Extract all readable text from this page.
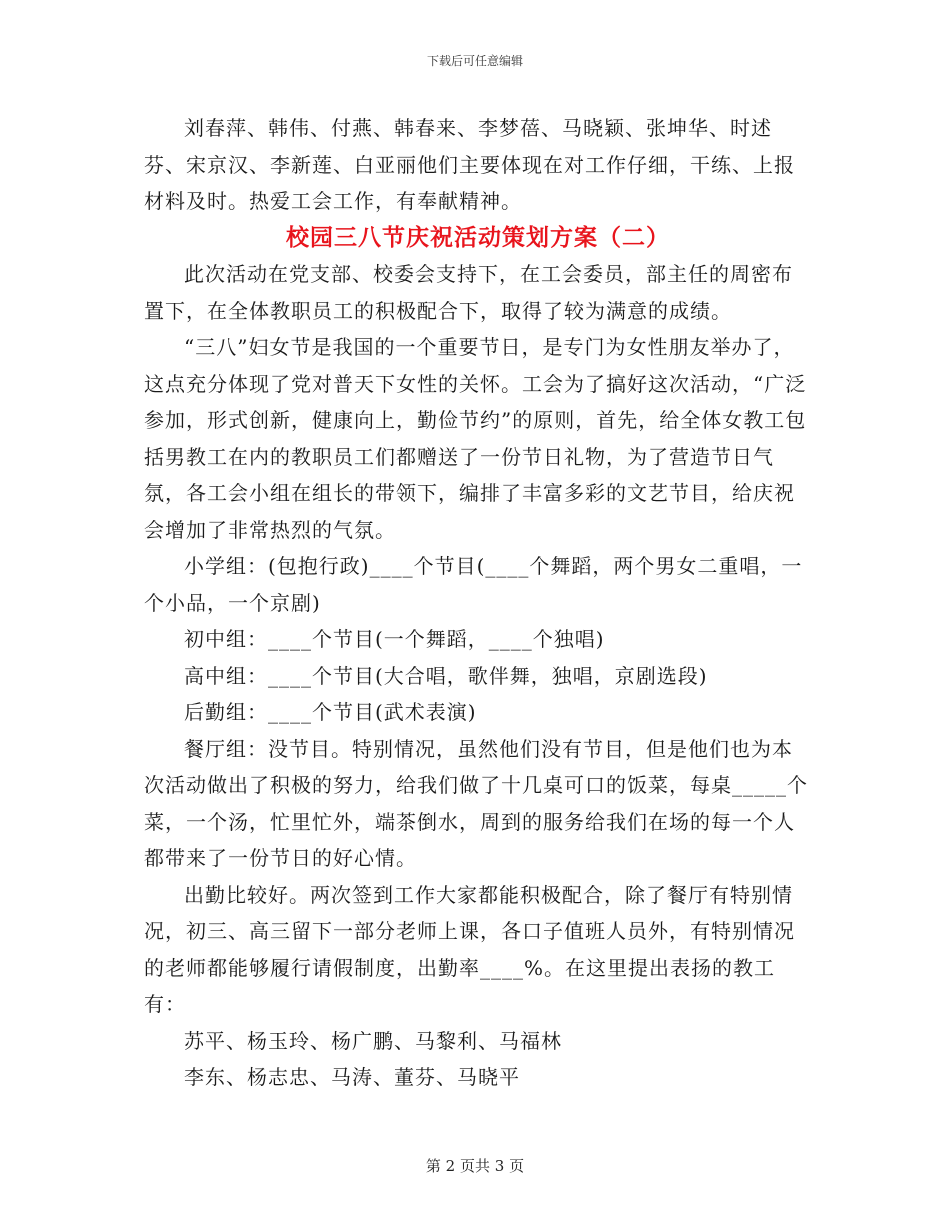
下载后可任意编辑

刘春萍、韩伟、付燕、韩春来、李梦蓓、马晓颖、张坤华、时述芬、宋京汉、李新莲、白亚丽他们主要体现在对工作仔细，干练、上报材料及时。热爱工会工作，有奉献精神。

校园三八节庆祝活动策划方案（二）

此次活动在党支部、校委会支持下，在工会委员，部主任的周密布置下，在全体教职员工的积极配合下，取得了较为满意的成绩。

“三八”妇女节是我国的一个重要节日，是专门为女性朋友举办了，这点充分体现了党对普天下女性的关怀。工会为了搞好这次活动，“广泛参加，形式创新，健康向上，勤俭节约”的原则，首先，给全体女教工包括男教工在内的教职员工们都赠送了一份节日礼物，为了营造节日气氛，各工会小组在组长的带领下，编排了丰富多彩的文艺节目，给庆祝会增加了非常热烈的气氛。

小学组：(包抱行政)____个节目(____个舞蹈，两个男女二重唱，一个小品，一个京剧)

初中组：____个节目(一个舞蹈，____个独唱)

高中组：____个节目(大合唱，歌伴舞，独唱，京剧选段)

后勤组：____个节目(武术表演)

餐厅组：没节目。特别情况，虽然他们没有节目，但是他们也为本次活动做出了积极的努力，给我们做了十几桌可口的饭菜，每桌_____个菜，一个汤，忙里忙外，端茶倒水，周到的服务给我们在场的每一个人都带来了一份节日的好心情。

出勤比较好。两次签到工作大家都能积极配合，除了餐厅有特别情况，初三、高三留下一部分老师上课，各口子值班人员外，有特别情况的老师都能够履行请假制度，出勤率____%。在这里提出表扬的教工有：

苏平、杨玉玲、杨广鹏、马黎利、马福林

李东、杨志忠、马涛、董芬、马晓平

第 2 页共 3 页
